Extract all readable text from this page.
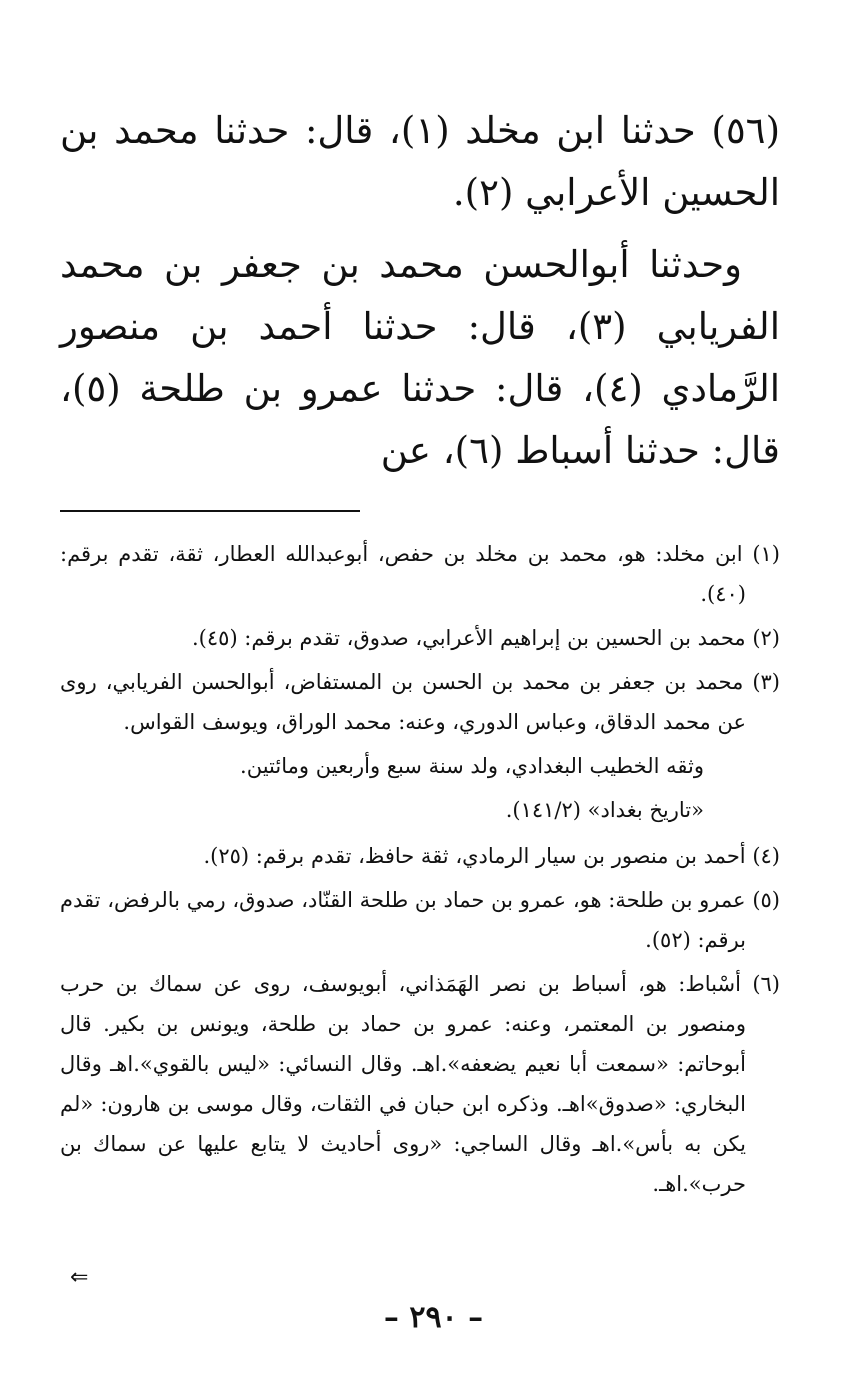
(٥٦) حدثنا ابن مخلد (١)، قال: حدثنا محمد بن الحسين الأعرابي (٢).

وحدثنا أبوالحسن محمد بن جعفر بن محمد الفريابي (٣)، قال: حدثنا أحمد بن منصور الرَّمادي (٤)، قال: حدثنا عمرو بن طلحة (٥)، قال: حدثنا أسباط (٦)، عن

(١) ابن مخلد: هو، محمد بن مخلد بن حفص، أبوعبدالله العطار، ثقة، تقدم برقم: (٤٠).

(٢) محمد بن الحسين بن إبراهيم الأعرابي، صدوق، تقدم برقم: (٤٥).

(٣) محمد بن جعفر بن محمد بن الحسن بن المستفاض، أبوالحسن الفريابي، روى عن محمد الدقاق، وعباس الدوري، وعنه: محمد الوراق، ويوسف القواس.

وثقه الخطيب البغدادي، ولد سنة سبع وأربعين ومائتين.

«تاريخ بغداد» (١٤١/٢).

(٤) أحمد بن منصور بن سيار الرمادي، ثقة حافظ، تقدم برقم: (٢٥).

(٥) عمرو بن طلحة: هو، عمرو بن حماد بن طلحة القنّاد، صدوق، رمي بالرفض، تقدم برقم: (٥٢).

(٦) أسْباط: هو، أسباط بن نصر الهَمَذاني، أبويوسف، روى عن سماك بن حرب ومنصور بن المعتمر، وعنه: عمرو بن حماد بن طلحة، ويونس بن بكير. قال أبوحاتم: «سمعت أبا نعيم يضعفه».اهـ. وقال النسائي: «ليس بالقوي».اهـ وقال البخاري: «صدوق»اهـ. وذكره ابن حبان في الثقات، وقال موسى بن هارون: «لم يكن به بأس».اهـ وقال الساجي: «روى أحاديث لا يتابع عليها عن سماك بن حرب».اهـ.

⇐
– ٢٩٠ –
